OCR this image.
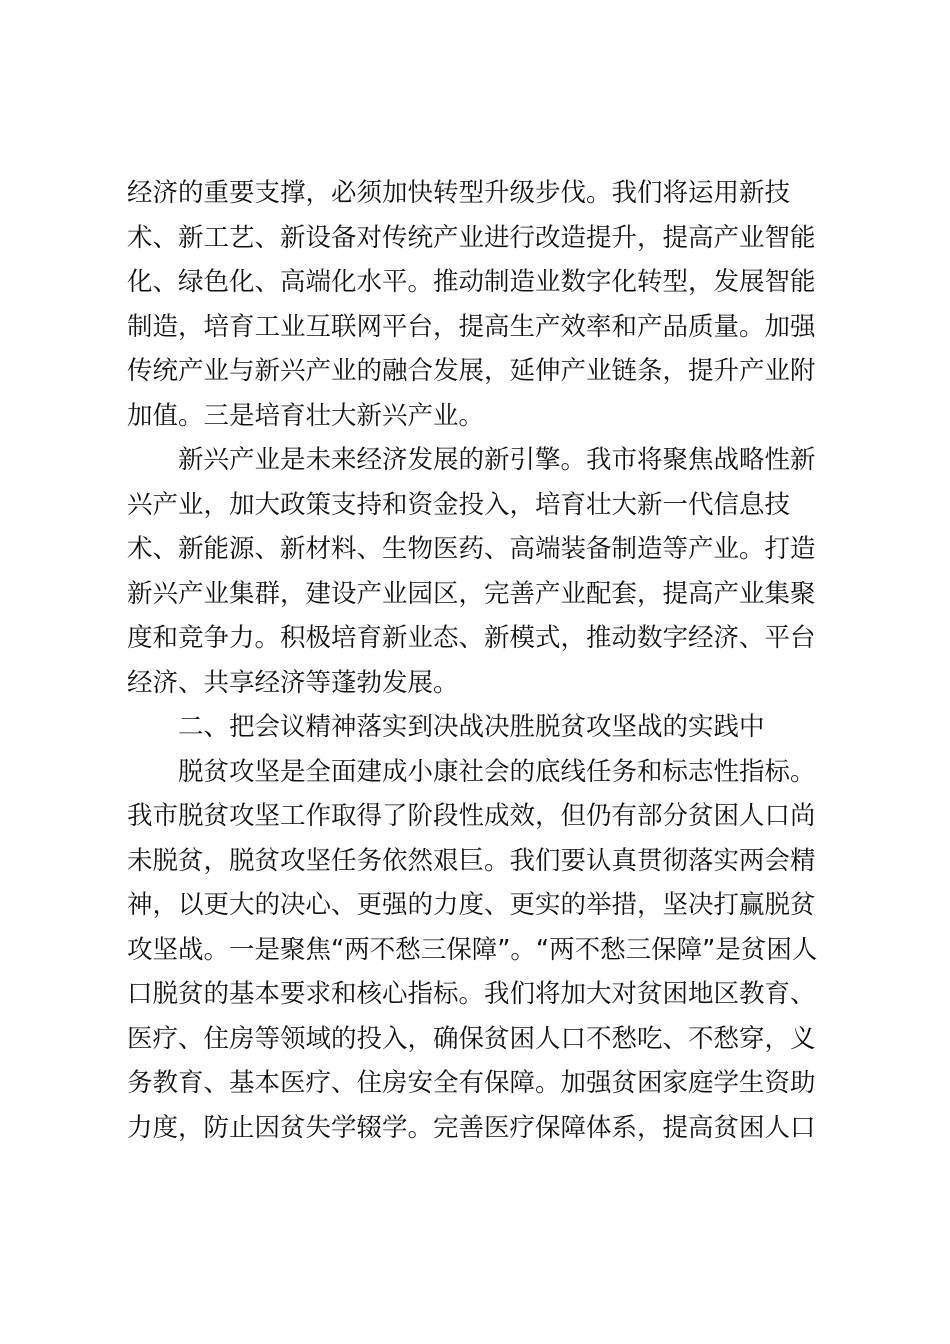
经济的重要支撑，必须加快转型升级步伐。我们将运用新技
术、新工艺、新设备对传统产业进行改造提升，提高产业智能
化、绿色化、高端化水平。推动制造业数字化转型，发展智能
制造，培育工业互联网平台，提高生产效率和产品质量。加强
传统产业与新兴产业的融合发展，延伸产业链条，提升产业附
加值。三是培育壮大新兴产业。
新兴产业是未来经济发展的新引擎。我市将聚焦战略性新
兴产业，加大政策支持和资金投入，培育壮大新一代信息技
术、新能源、新材料、生物医药、高端装备制造等产业。打造
新兴产业集群，建设产业园区，完善产业配套，提高产业集聚
度和竞争力。积极培育新业态、新模式，推动数字经济、平台
经济、共享经济等蓬勃发展。
二、把会议精神落实到决战决胜脱贫攻坚战的实践中
脱贫攻坚是全面建成小康社会的底线任务和标志性指标。
我市脱贫攻坚工作取得了阶段性成效，但仍有部分贫困人口尚
未脱贫，脱贫攻坚任务依然艰巨。我们要认真贯彻落实两会精
神，以更大的决心、更强的力度、更实的举措，坚决打赢脱贫
攻坚战。一是聚焦“两不愁三保障”。“两不愁三保障”是贫困人
口脱贫的基本要求和核心指标。我们将加大对贫困地区教育、
医疗、住房等领域的投入，确保贫困人口不愁吃、不愁穿，义
务教育、基本医疗、住房安全有保障。加强贫困家庭学生资助
力度，防止因贫失学辍学。完善医疗保障体系，提高贫困人口
